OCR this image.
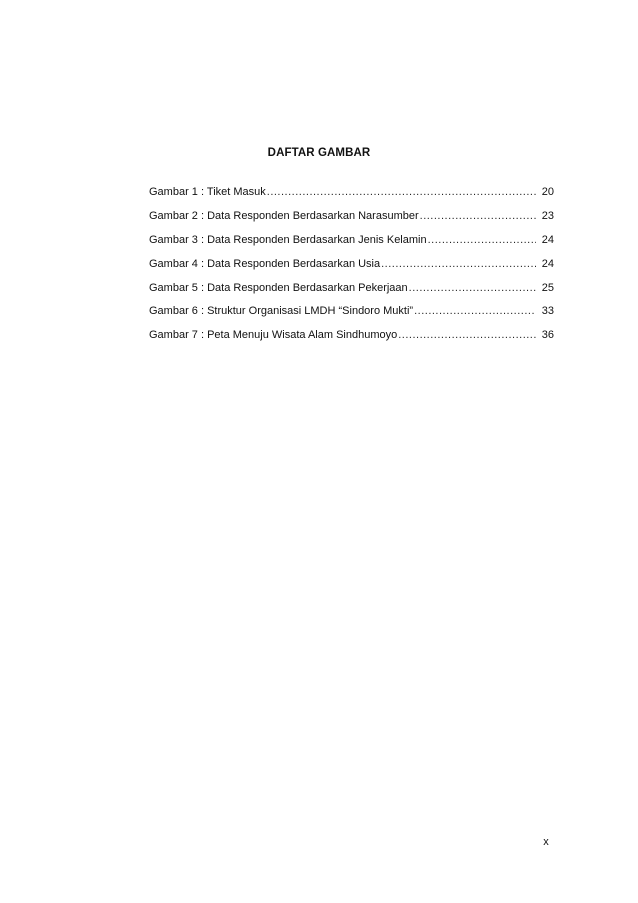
DAFTAR GAMBAR
Gambar 1 : Tiket Masuk .....	20
Gambar 2 : Data Responden Berdasarkan Narasumber .....	23
Gambar 3 : Data Responden Berdasarkan Jenis Kelamin .....	24
Gambar 4 : Data Responden Berdasarkan Usia .....	24
Gambar 5 : Data Responden Berdasarkan Pekerjaan .....	25
Gambar 6 : Struktur Organisasi LMDH “Sindoro Mukti” .....	33
Gambar 7 : Peta Menuju Wisata Alam Sindhumoyo .....	36
x
